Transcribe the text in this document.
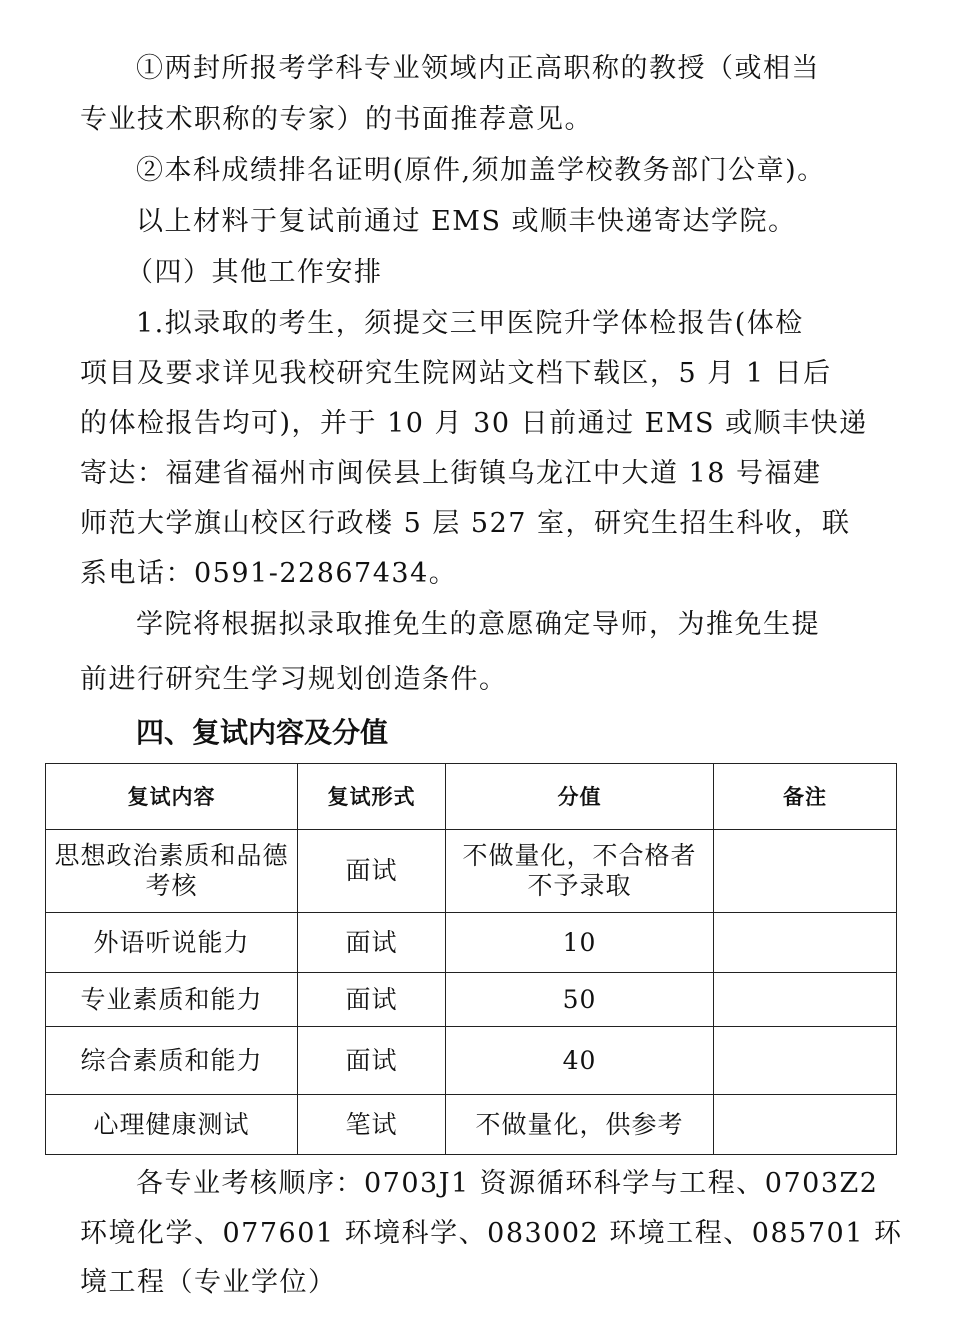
①两封所报考学科专业领域内正高职称的教授（或相当
专业技术职称的专家）的书面推荐意见。
②本科成绩排名证明(原件,须加盖学校教务部门公章)。
以上材料于复试前通过 EMS 或顺丰快递寄达学院。
（四）其他工作安排
1.拟录取的考生，须提交三甲医院升学体检报告(体检
项目及要求详见我校研究生院网站文档下载区，5 月 1 日后
的体检报告均可)，并于 10 月 30 日前通过 EMS 或顺丰快递
寄达：福建省福州市闽侯县上街镇乌龙江中大道 18 号福建
师范大学旗山校区行政楼 5 层 527 室，研究生招生科收，联
系电话：0591-22867434。
学院将根据拟录取推免生的意愿确定导师，为推免生提
前进行研究生学习规划创造条件。
四、复试内容及分值
复试内容	复试形式	分值	备注
思想政治素质和品德考核	面试	不做量化，不合格者不予录取	
外语听说能力	面试	10	
专业素质和能力	面试	50	
综合素质和能力	面试	40	
心理健康测试	笔试	不做量化，供参考	
各专业考核顺序：0703J1 资源循环科学与工程、0703Z2
环境化学、077601 环境科学、083002 环境工程、085701 环
境工程（专业学位）
